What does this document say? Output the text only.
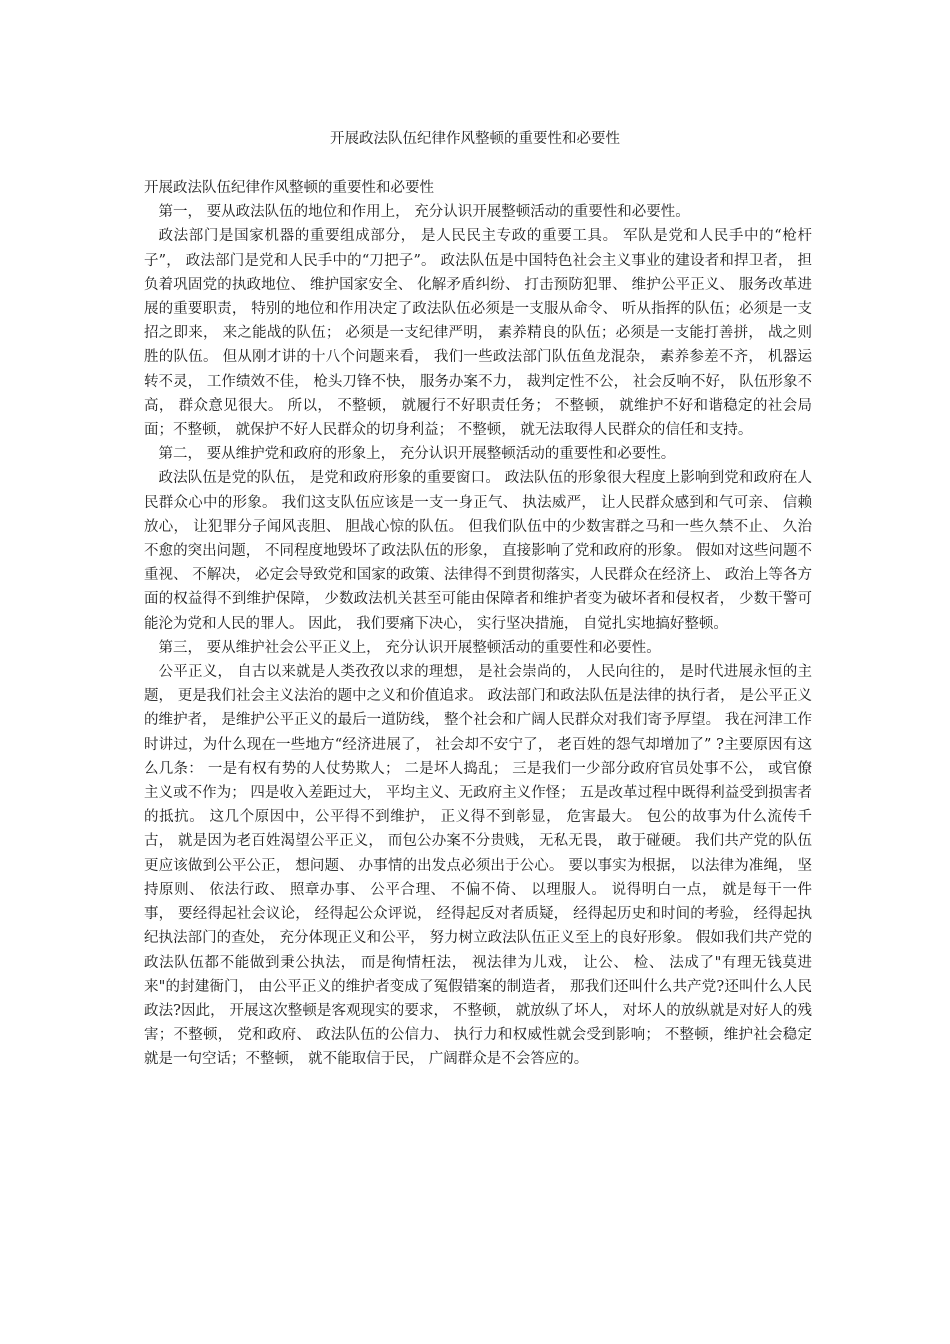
开展政法队伍纪律作风整顿的重要性和必要性

开展政法队伍纪律作风整顿的重要性和必要性

第一， 要从政法队伍的地位和作用上， 充分认识开展整顿活动的重要性和必要性。

政法部门是国家机器的重要组成部分， 是人民民主专政的重要工具。 军队是党和人民手中的“枪杆子”， 政法部门是党和人民手中的“刀把子”。 政法队伍是中国特色社会主义事业的建设者和捍卫者， 担负着巩固党的执政地位、 维护国家安全、 化解矛盾纠纷、 打击预防犯罪、 维护公平正义、 服务改革进展的重要职责， 特别的地位和作用决定了政法队伍必须是一支服从命令、 听从指挥的队伍；必须是一支招之即来， 来之能战的队伍； 必须是一支纪律严明， 素养精良的队伍；必须是一支能打善拼， 战之则胜的队伍。 但从刚才讲的十八个问题来看， 我们一些政法部门队伍鱼龙混杂， 素养参差不齐， 机器运转不灵， 工作绩效不佳， 枪头刀锋不快， 服务办案不力， 裁判定性不公， 社会反响不好， 队伍形象不高， 群众意见很大。 所以， 不整顿， 就履行不好职责任务； 不整顿， 就维护不好和谐稳定的社会局面；不整顿， 就保护不好人民群众的切身利益； 不整顿， 就无法取得人民群众的信任和支持。

第二， 要从维护党和政府的形象上， 充分认识开展整顿活动的重要性和必要性。

政法队伍是党的队伍， 是党和政府形象的重要窗口。 政法队伍的形象很大程度上影响到党和政府在人民群众心中的形象。 我们这支队伍应该是一支一身正气、 执法威严， 让人民群众感到和气可亲、 信赖放心， 让犯罪分子闻风丧胆、 胆战心惊的队伍。 但我们队伍中的少数害群之马和一些久禁不止、 久治不愈的突出问题， 不同程度地毁坏了政法队伍的形象， 直接影响了党和政府的形象。 假如对这些问题不重视、 不解决， 必定会导致党和国家的政策、法律得不到贯彻落实，人民群众在经济上、 政治上等各方面的权益得不到维护保障， 少数政法机关甚至可能由保障者和维护者变为破坏者和侵权者， 少数干警可能沦为党和人民的罪人。 因此， 我们要痛下决心， 实行坚决措施， 自觉扎实地搞好整顿。

第三， 要从维护社会公平正义上， 充分认识开展整顿活动的重要性和必要性。

公平正义， 自古以来就是人类孜孜以求的理想， 是社会崇尚的， 人民向往的， 是时代进展永恒的主题， 更是我们社会主义法治的题中之义和价值追求。 政法部门和政法队伍是法律的执行者， 是公平正义的维护者， 是维护公平正义的最后一道防线， 整个社会和广阔人民群众对我们寄予厚望。 我在河津工作时讲过，为什么现在一些地方“经济进展了， 社会却不安宁了， 老百姓的怨气却增加了” ?主要原因有这么几条： 一是有权有势的人仗势欺人； 二是坏人捣乱； 三是我们一少部分政府官员处事不公， 或官僚主义或不作为； 四是收入差距过大， 平均主义、无政府主义作怪； 五是改革过程中既得利益受到损害者的抵抗。 这几个原因中，公平得不到维护， 正义得不到彰显， 危害最大。 包公的故事为什么流传千古， 就是因为老百姓渴望公平正义， 而包公办案不分贵贱， 无私无畏， 敢于碰硬。 我们共产党的队伍更应该做到公平公正， 想问题、 办事情的出发点必须出于公心。 要以事实为根据， 以法律为准绳， 坚持原则、 依法行政、 照章办事、 公平合理、 不偏不倚、 以理服人。 说得明白一点， 就是每干一件事， 要经得起社会议论， 经得起公众评说， 经得起反对者质疑， 经得起历史和时间的考验， 经得起执纪执法部门的查处， 充分体现正义和公平， 努力树立政法队伍正义至上的良好形象。 假如我们共产党的政法队伍都不能做到秉公执法， 而是徇情枉法， 视法律为儿戏， 让公、 检、 法成了"有理无钱莫进来"的封建衙门， 由公平正义的维护者变成了冤假错案的制造者， 那我们还叫什么共产党?还叫什么人民政法?因此， 开展这次整顿是客观现实的要求， 不整顿， 就放纵了坏人， 对坏人的放纵就是对好人的残害；不整顿， 党和政府、 政法队伍的公信力、 执行力和权威性就会受到影响； 不整顿，维护社会稳定就是一句空话；不整顿， 就不能取信于民， 广阔群众是不会答应的。
